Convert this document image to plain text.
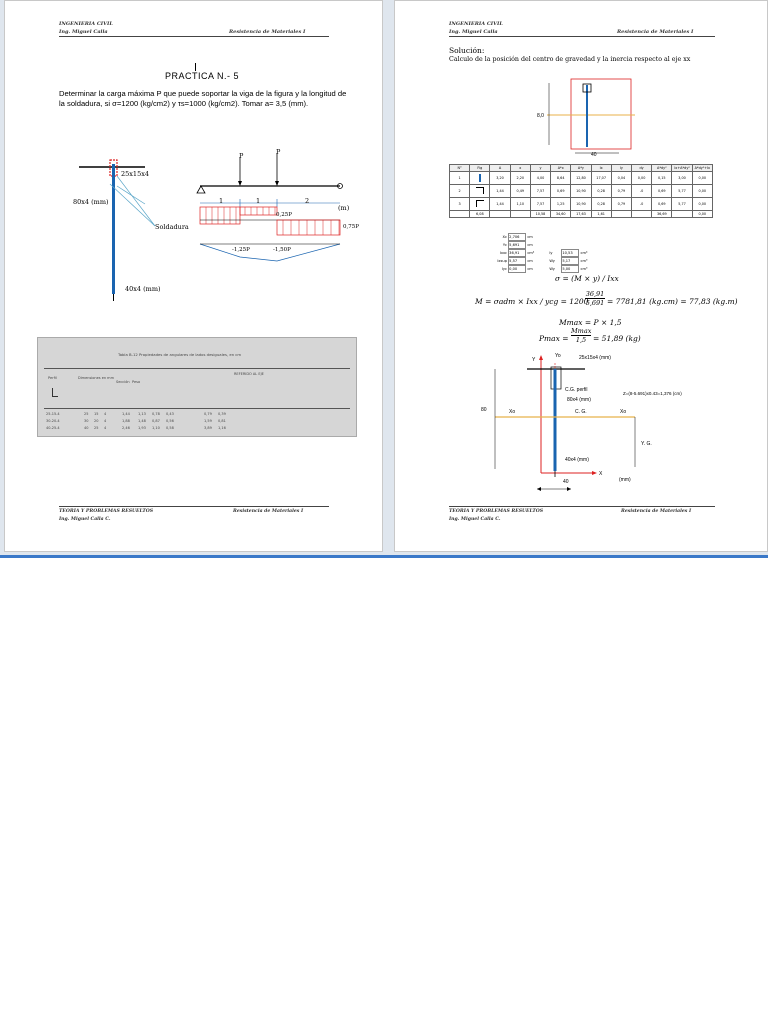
INGENIERIA CIVIL
Ing. Miguel Calla	Resistencia de Materiales I
PRACTICA N.- 5
Determinar la carga máxima P que puede soportar la viga de la figura y la longitud de la soldadura, si σ=1200 (kg/cm2) y τs=1000 (kg/cm2). Tomar a= 3,5 (mm).
25x15x4
80x4 (mm)
Soldadura
40x4 (mm)
P	P
1	1	2
(m)
0,25P
0,75P
-1,25P	-1,50P
Tabla B-12 Propiedades de angulares de lados desiguales, en cm
Perfil	Dimensiones en mm
Sección Peso
REFERIDO AL EJE
25-15-4	25 15 4	1,44 1,13 0,78 0,43	0,79 0,39
30-20-4	30 20 4	1,88 1,48 0,87 0,56	1,59 0,81
40-25-4	40 25 4	2,46 1,93 1,10 0,58	3,89 1,16
TEORIA Y PROBLEMAS RESUELTOS
Ing. Miguel Calla C.
Resistencia de Materiales I
INGENIERIA CIVIL
Ing. Miguel Calla	Resistencia de Materiales I
Solución:
Calculo de la posición del centro de gravedad y la inercia respecto al eje xx
40
8,0
N°	Fig	A	x	y	A*x	A*y	Ix	Iy	dy	A*dy²	Ix+A*dy²	A*dy²+Ix
1		3,20	2,20	4,00	8,64	12,80	17,07	0,04	0,00	0,15	3,00	0,00
2		1,44	0,49	7,57	0,69	10,90	0,28	0,79	-0	0,69	5,77	0,00
3		1,44	1,10	7,57	1,25	10,90	0,28	0,79	-0	0,69	5,77	0,00
	6,08			10,58	34,60	17,63	1,61			36,69		0,00
Xc 2,706 cm
Yc 5,691 cm
Ixxc 36,91 cm⁴	Iy	10,53 cm⁴
Ixsup 5,57	cm	Wy 5,17	cm³
Iyc 0,00	cm	Wy 5,00	cm³
σ = (M × y) / Ixx
M = σadm × Ixx / ycg = 1200
$\frac{36,91}{5,691} = 7781,81$ (kg.cm) = 77,83 (kg.m)
Mmax = P × 1,5
Pmax =
Mmax
1,5 = 51,89 (kg)
Y
Yo	25x15x4 (mm)
C.G. perfil
80x4 (mm)
Z=(8-5.691)x0.43=1,376 (cm)
80	Xo	C. G.	Xo
Y. G.
40x4 (mm)
X
(mm)
40
TEORIA Y PROBLEMAS RESUELTOS
Ing. Miguel Calla C.
Resistencia de Materiales I
